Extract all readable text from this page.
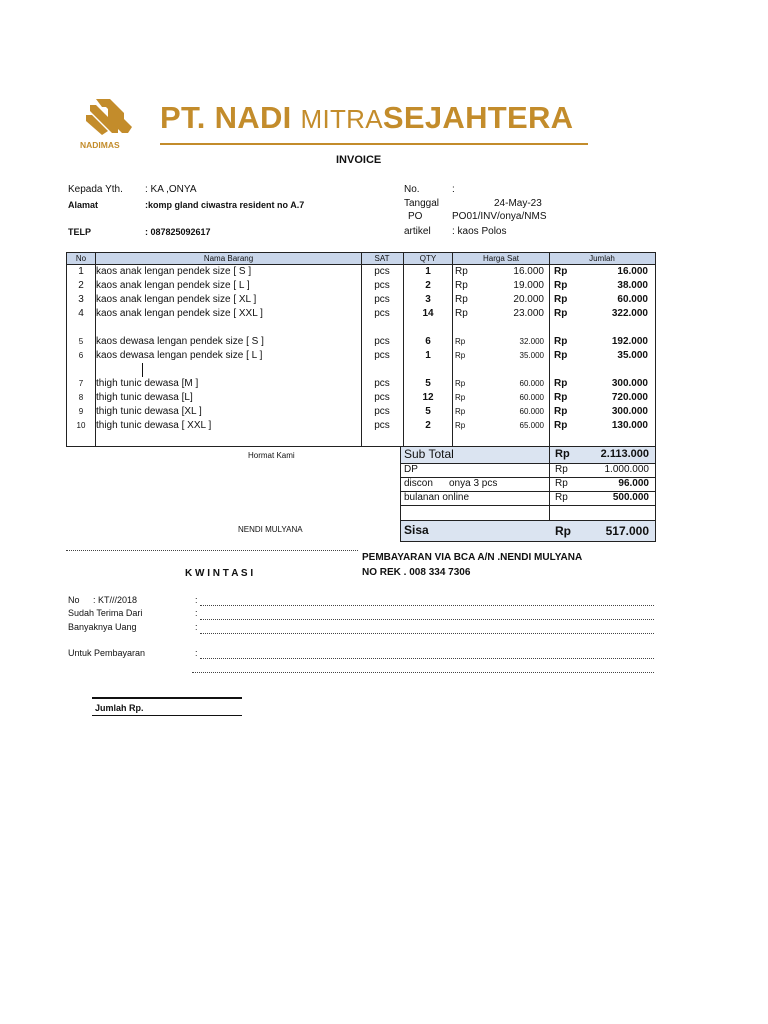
NADIMAS
PT. NADI MITRASEJAHTERA
INVOICE
Kepada Yth. : KA ,ONYA
Alamat	:komp gland ciwastra resident no A.7
TELP	: 087825092617
No.	:
Tanggal	24-May-23
PO	PO01/INV/onya/NMS
artikel : kaos Polos
No	Nama Barang	SAT	QTY	Harga Sat	Jumlah
1	kaos anak lengan pendek size [ S ]	pcs	1	Rp	16.000 Rp	16.000
2	kaos anak lengan pendek size [ L ]	pcs	2	Rp	19.000 Rp	38.000
3	kaos anak lengan pendek size [ XL ]	pcs	3	Rp	20.000 Rp	60.000
4	kaos anak lengan pendek size [ XXL ]	pcs	14	Rp	23.000 Rp	322.000
5	kaos dewasa lengan pendek size [ S ]	pcs	6	Rp	32.000 Rp	192.000
6	kaos dewasa lengan pendek size [ L ]	pcs	1	Rp	35.000 Rp	35.000
7	thigh tunic dewasa [M ]	pcs	5	Rp	60.000 Rp	300.000
8	thigh tunic dewasa [L]	pcs	12	Rp	60.000 Rp	720.000
9	thigh tunic dewasa [XL ]	pcs	5	Rp	60.000 Rp	300.000
10	thigh tunic dewasa [ XXL ]	pcs	2	Rp	65.000 Rp	130.000
Sub Total	Rp	2.113.000
DP	Rp	1.000.000
discon onya 3 pcs	Rp	96.000
bulanan online	Rp	500.000
Sisa	Rp	517.000
Hormat Kami
NENDI MULYANA
PEMBAYARAN VIA BCA A/N .NENDI MULYANA
NO REK . 008 334 7306
K W I N T A S I
No : KT///2018	:
Sudah Terima Dari	:
Banyaknya Uang	:
Untuk Pembayaran	:
Jumlah Rp.
